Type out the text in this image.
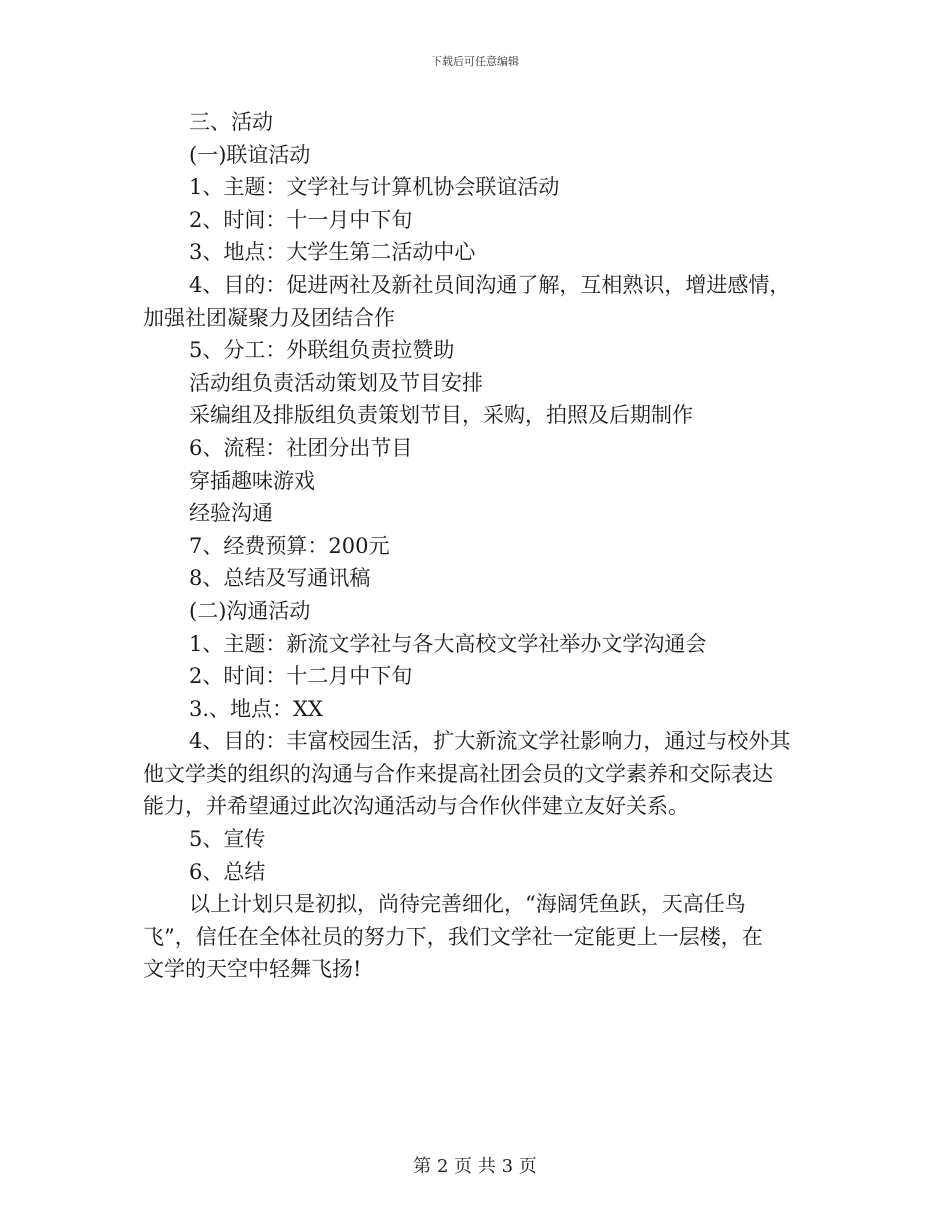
下载后可任意编辑
三、活动
(一)联谊活动
1、主题：文学社与计算机协会联谊活动
2、时间：十一月中下旬
3、地点：大学生第二活动中心
4、目的：促进两社及新社员间沟通了解，互相熟识，增进感情，
加强社团凝聚力及团结合作
5、分工：外联组负责拉赞助
活动组负责活动策划及节目安排
采编组及排版组负责策划节目，采购，拍照及后期制作
6、流程：社团分出节目
穿插趣味游戏
经验沟通
7、经费预算：200元
8、总结及写通讯稿
(二)沟通活动
1、主题：新流文学社与各大高校文学社举办文学沟通会
2、时间：十二月中下旬
3.、地点：XX
4、目的：丰富校园生活，扩大新流文学社影响力，通过与校外其
他文学类的组织的沟通与合作来提高社团会员的文学素养和交际表达
能力，并希望通过此次沟通活动与合作伙伴建立友好关系。
5、宣传
6、总结
以上计划只是初拟，尚待完善细化，“海阔凭鱼跃，天高任鸟
飞”，信任在全体社员的努力下，我们文学社一定能更上一层楼，在
文学的天空中轻舞飞扬!
第 2 页 共 3 页
